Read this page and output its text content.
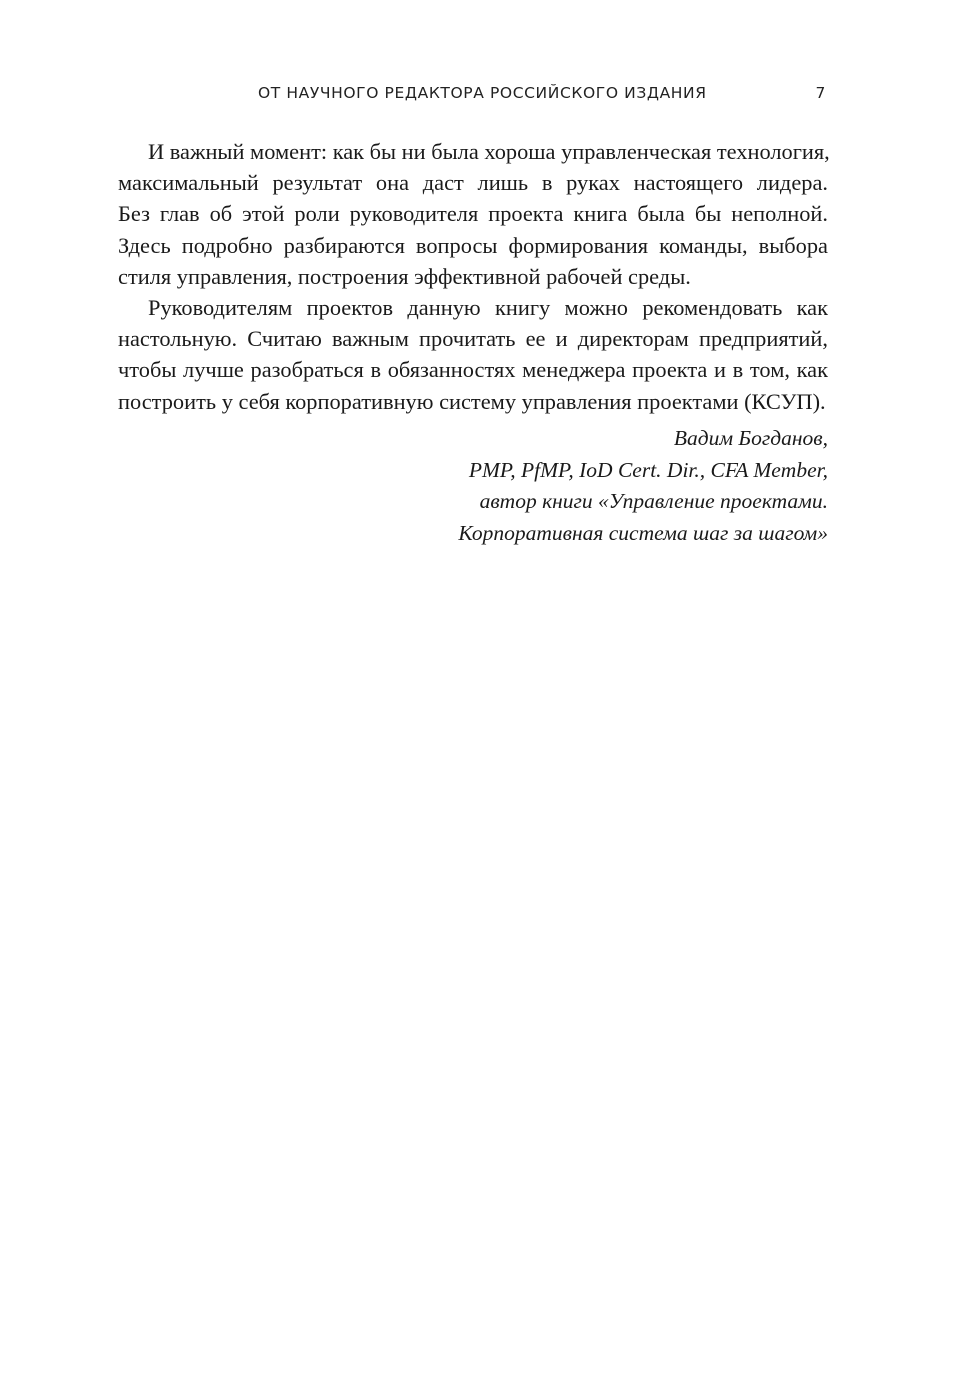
ОТ НАУЧНОГО РЕДАКТОРА РОССИЙСКОГО ИЗДАНИЯ	7

И важный момент: как бы ни была хороша управленческая технология,
максимальный результат она даст лишь в руках настоящего лидера.
Без глав об этой роли руководителя проекта книга была бы неполной.
Здесь подробно разбираются вопросы формирования команды, выбора
стиля управления, построения эффективной рабочей среды.

Руководителям проектов данную книгу можно рекомендовать как
настольную. Считаю важным прочитать ее и директорам предприятий,
чтобы лучше разобраться в обязанностях менеджера проекта и в том, как
построить у себя корпоративную систему управления проектами (КСУП).

Вадим Богданов,
PMP, PfMP, IoD Cert. Dir., CFA Member,
автор книги «Управление проектами.
Корпоративная система шаг за шагом»
